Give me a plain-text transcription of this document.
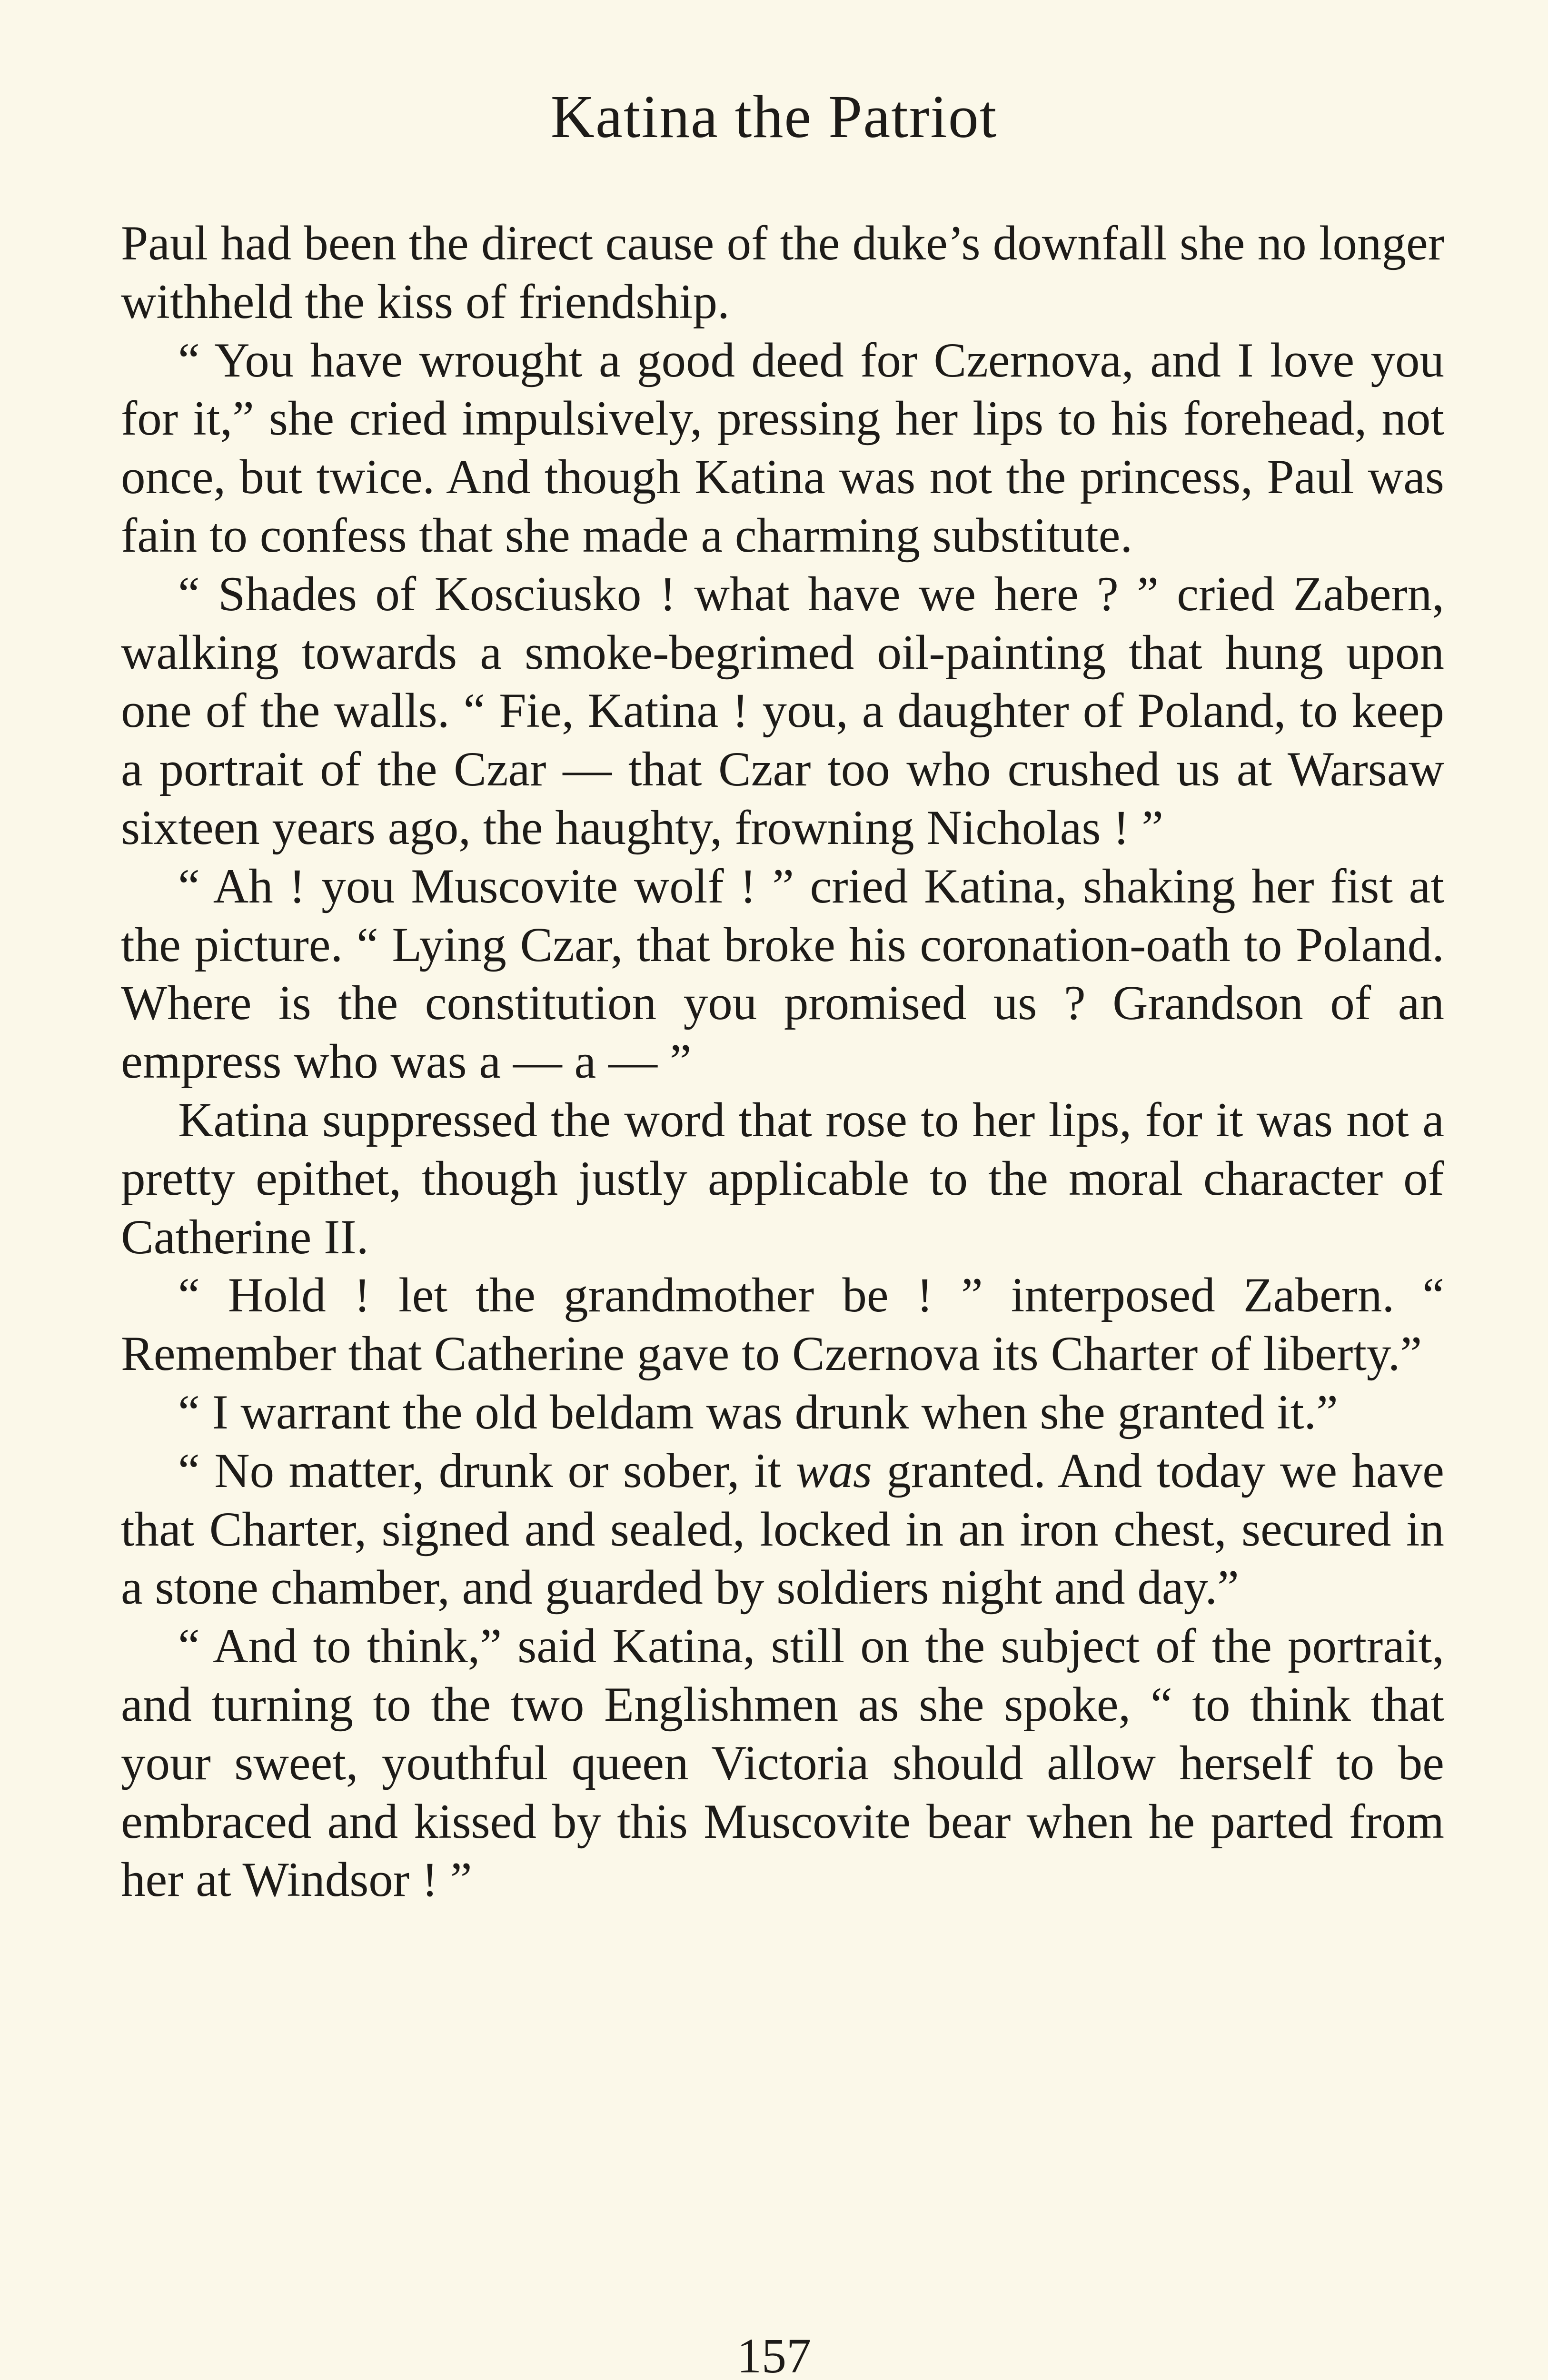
Katina the Patriot

Paul had been the direct cause of the duke’s downfall she no longer withheld the kiss of friendship.

“ You have wrought a good deed for Czernova, and I love you for it,” she cried impulsively, pressing her lips to his forehead, not once, but twice. And though Katina was not the princess, Paul was fain to confess that she made a charming substitute.

“ Shades of Kosciusko ! what have we here ? ” cried Zabern, walking towards a smoke-begrimed oil-painting that hung upon one of the walls. “ Fie, Katina ! you, a daughter of Poland, to keep a portrait of the Czar — that Czar too who crushed us at Warsaw sixteen years ago, the haughty, frowning Nicholas ! ”

“ Ah ! you Muscovite wolf ! ” cried Katina, shaking her fist at the picture. “ Lying Czar, that broke his coronation-oath to Poland. Where is the constitution you promised us ? Grandson of an empress who was a — a — ”

Katina suppressed the word that rose to her lips, for it was not a pretty epithet, though justly applicable to the moral character of Catherine II.

“ Hold ! let the grandmother be ! ” interposed Zabern. “ Remember that Catherine gave to Czernova its Charter of liberty.”

“ I warrant the old beldam was drunk when she granted it.”

“ No matter, drunk or sober, it was granted. And today we have that Charter, signed and sealed, locked in an iron chest, secured in a stone chamber, and guarded by soldiers night and day.”

“ And to think,” said Katina, still on the subject of the portrait, and turning to the two Englishmen as she spoke, “ to think that your sweet, youthful queen Victoria should allow herself to be embraced and kissed by this Muscovite bear when he parted from her at Windsor ! ”

157
